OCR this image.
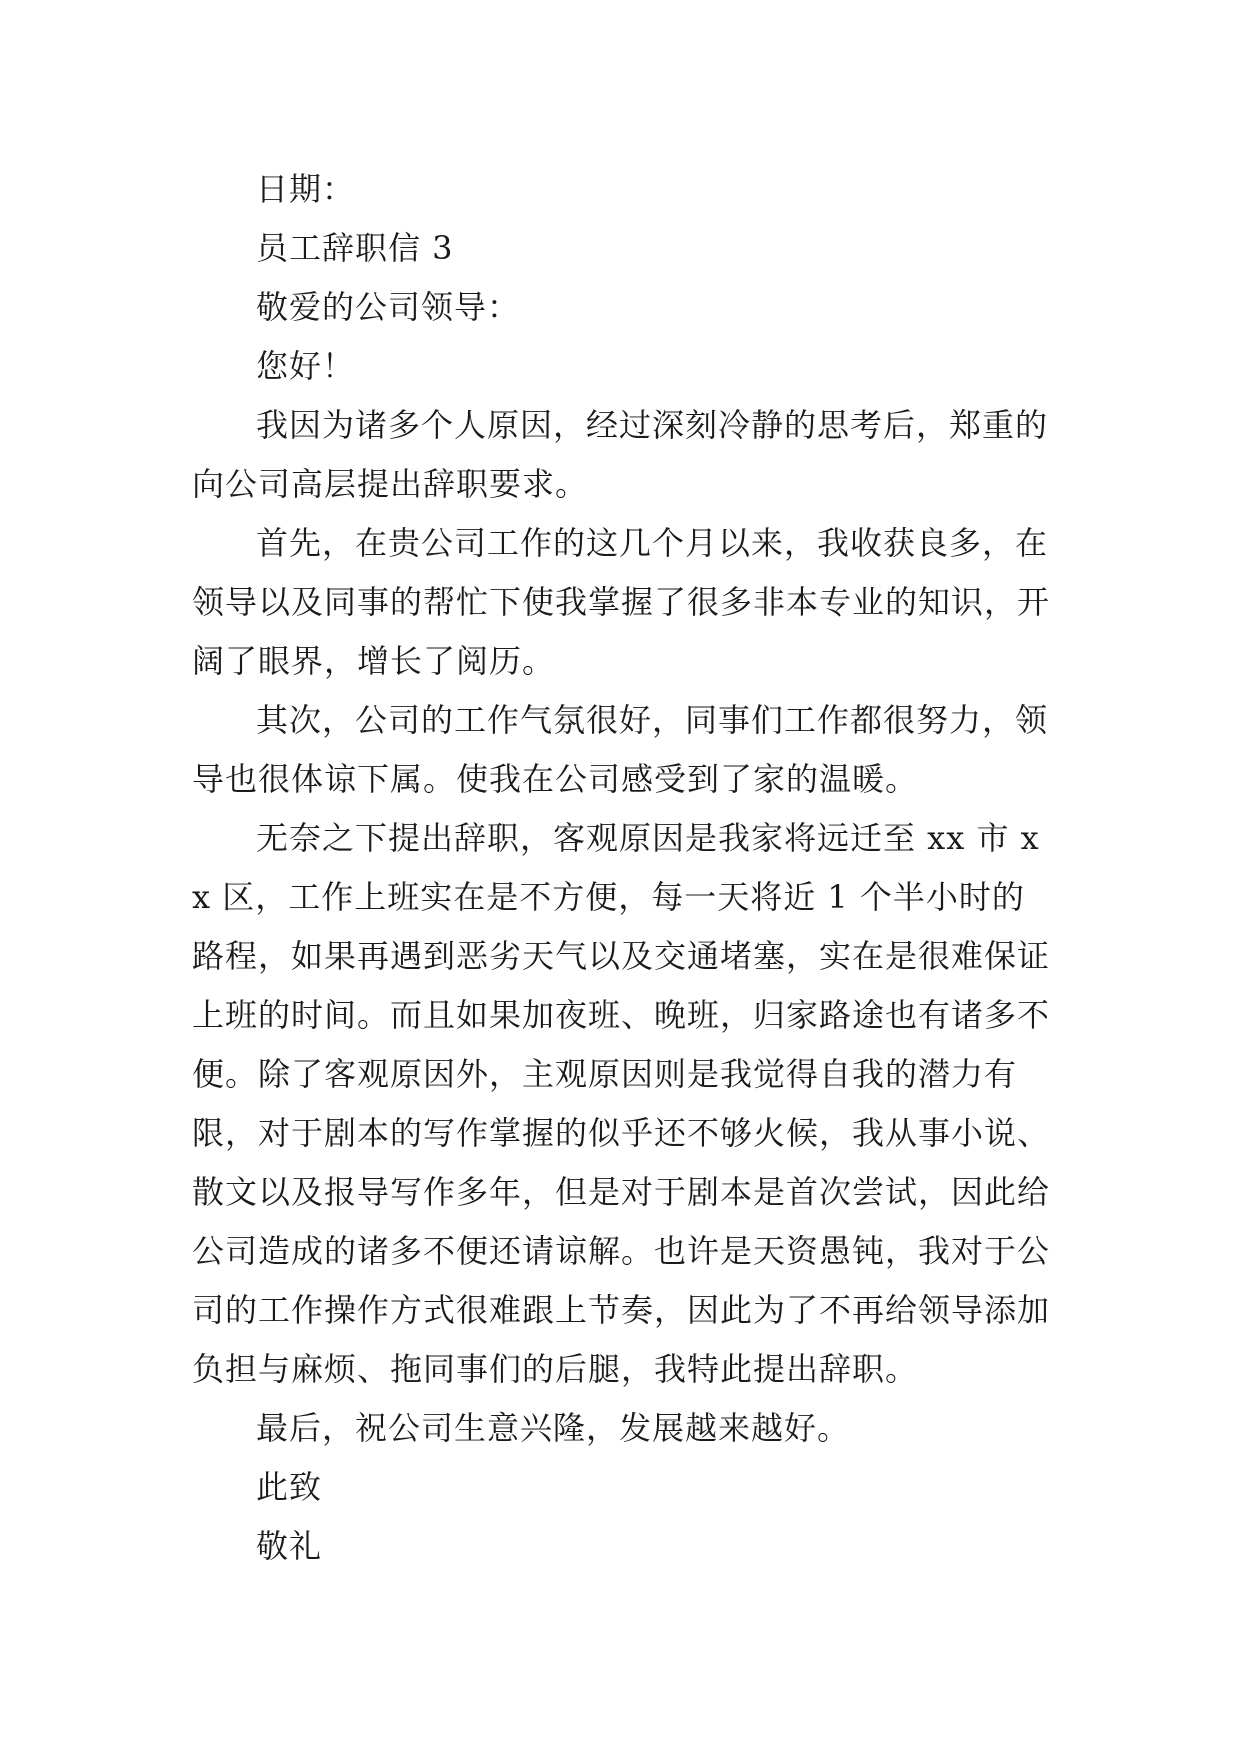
日期：

员工辞职信 3

敬爱的公司领导：

您好！

我因为诸多个人原因，经过深刻冷静的思考后，郑重的向公司高层提出辞职要求。

首先，在贵公司工作的这几个月以来，我收获良多，在领导以及同事的帮忙下使我掌握了很多非本专业的知识，开阔了眼界，增长了阅历。

其次，公司的工作气氛很好，同事们工作都很努力，领导也很体谅下属。使我在公司感受到了家的温暖。

无奈之下提出辞职，客观原因是我家将远迁至 xx 市 xx 区，工作上班实在是不方便，每一天将近 1 个半小时的路程，如果再遇到恶劣天气以及交通堵塞，实在是很难保证上班的时间。而且如果加夜班、晚班，归家路途也有诸多不便。除了客观原因外，主观原因则是我觉得自我的潜力有限，对于剧本的写作掌握的似乎还不够火候，我从事小说、散文以及报导写作多年，但是对于剧本是首次尝试，因此给公司造成的诸多不便还请谅解。也许是天资愚钝，我对于公司的工作操作方式很难跟上节奏，因此为了不再给领导添加负担与麻烦、拖同事们的后腿，我特此提出辞职。

最后，祝公司生意兴隆，发展越来越好。

此致

敬礼
